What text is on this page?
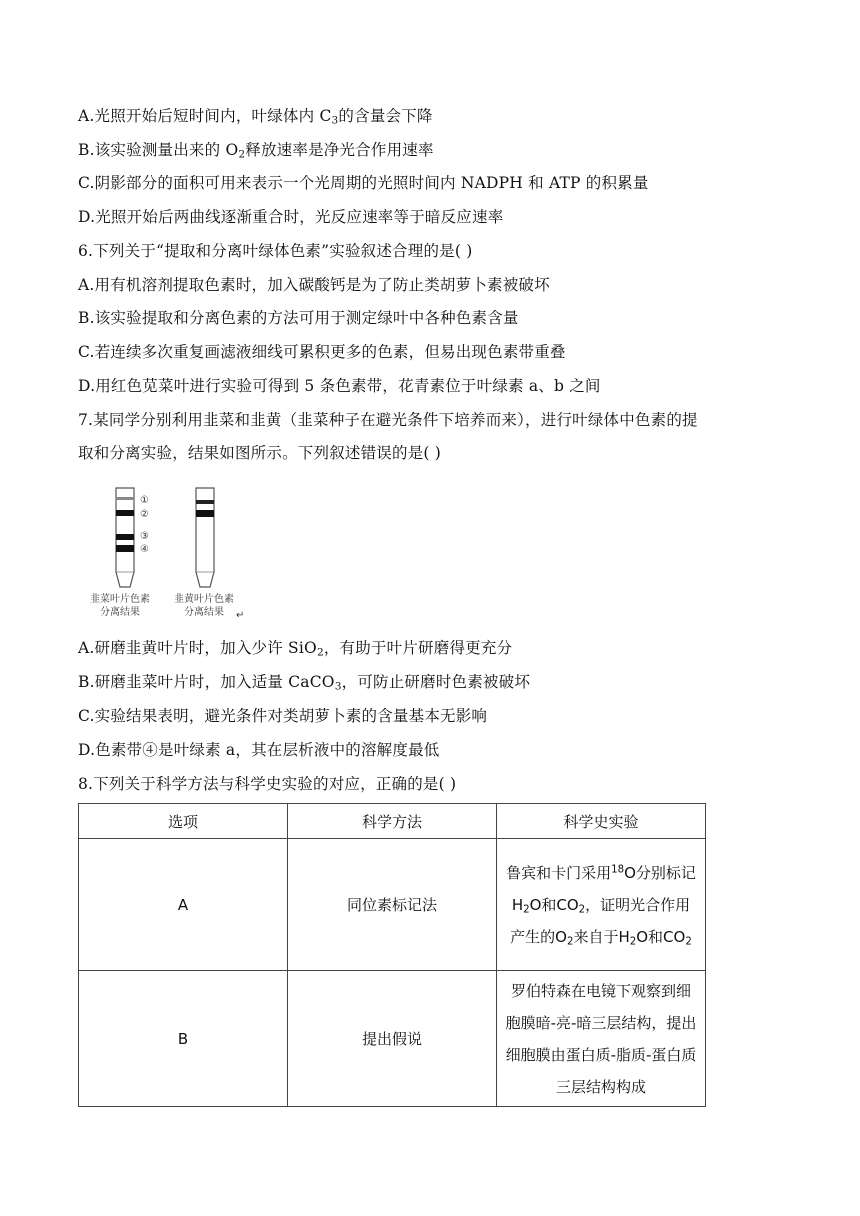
A.光照开始后短时间内，叶绿体内 $C_3$的含量会下降
B.该实验测量出来的 $O_2$释放速率是净光合作用速率
C.阴影部分的面积可用来表示一个光周期的光照时间内 NADPH 和 ATP 的积累量
D.光照开始后两曲线逐渐重合时，光反应速率等于暗反应速率
6.下列关于“提取和分离叶绿体色素”实验叙述合理的是( )
A.用有机溶剂提取色素时，加入碳酸钙是为了防止类胡萝卜素被破坏
B.该实验提取和分离色素的方法可用于测定绿叶中各种色素含量
C.若连续多次重复画滤液细线可累积更多的色素，但易出现色素带重叠
D.用红色苋菜叶进行实验可得到 5 条色素带，花青素位于叶绿素 a、b 之间
7.某同学分别利用韭菜和韭黄（韭菜种子在避光条件下培养而来），进行叶绿体中色素的提
取和分离实验，结果如图所示。下列叙述错误的是( )
A.研磨韭黄叶片时，加入少许 SiO$_2$，有助于叶片研磨得更充分
B.研磨韭菜叶片时，加入适量 CaCO$_3$，可防止研磨时色素被破坏
C.实验结果表明，避光条件对类胡萝卜素的含量基本无影响
D.色素带④是叶绿素 a，其在层析液中的溶解度最低
8.下列关于科学方法与科学史实验的对应，正确的是( )
①
②
③
④
韭菜叶片色素
分离结果
韭黄叶片色素
分离结果 ↵
选项	科学方法	科学史实验
A	同位素标记法	鲁宾和卡门采用$^{18}$O分别标记$H_2O$和$CO_2$，证明光合作用产生的$O_2$来自于$H_2O$和$CO_2$
B	提出假说	罗伯特森在电镜下观察到细胞膜暗-亮-暗三层结构，提出细胞膜由蛋白质-脂质-蛋白质三层结构构成
